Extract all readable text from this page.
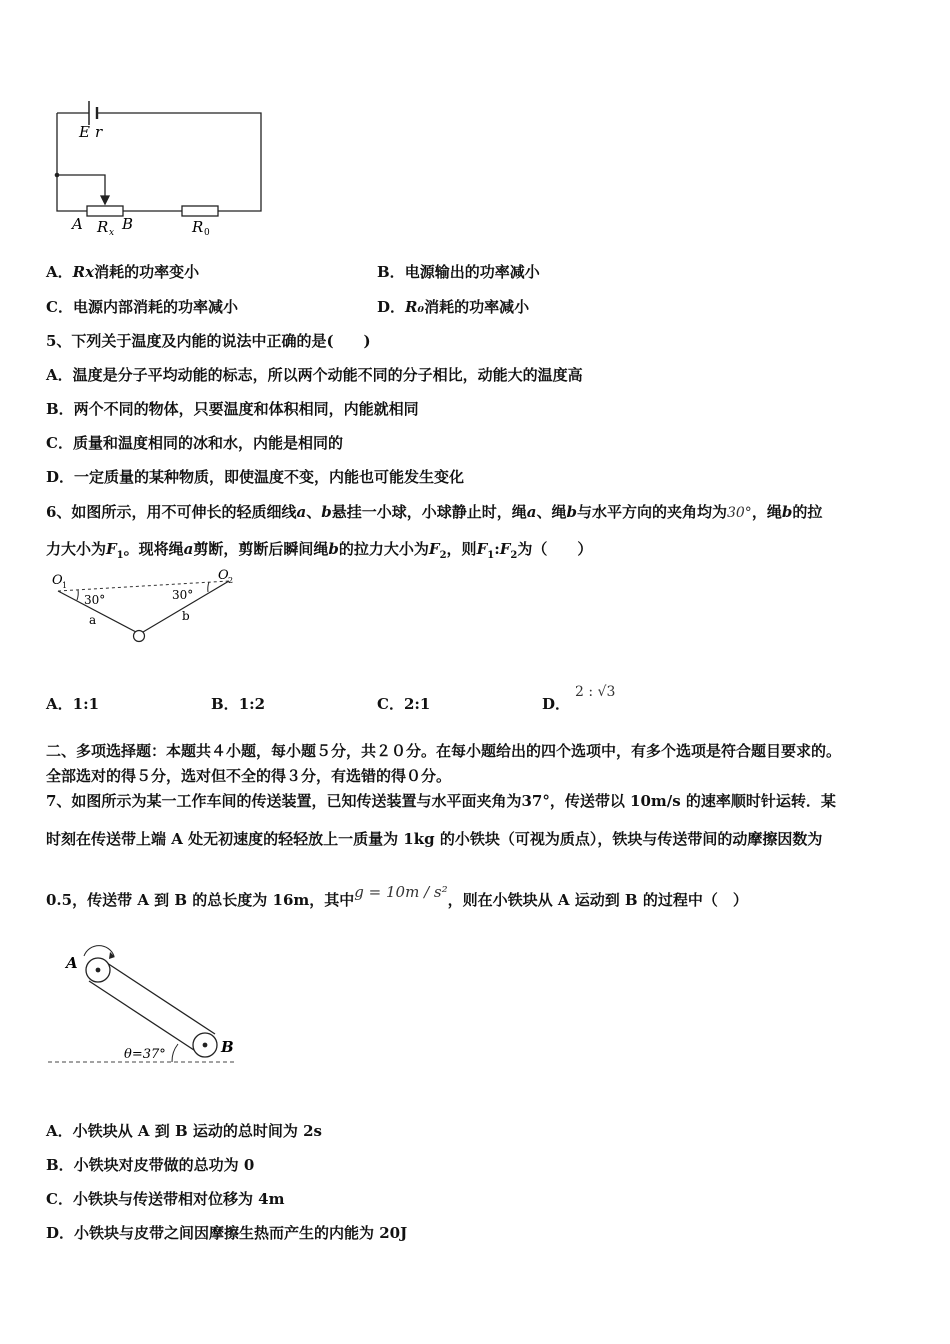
E r
A R x B	R 0
A．Rx消耗的功率变小	B．电源输出的功率减小
C．电源内部消耗的功率减小	D．R₀消耗的功率减小
5、下列关于温度及内能的说法中正确的是(　　)
A．温度是分子平均动能的标志，所以两个动能不同的分子相比，动能大的温度高
B．两个不同的物体，只要温度和体积相同，内能就相同
C．质量和温度相同的冰和水，内能是相同的
D．一定质量的某种物质，即使温度不变，内能也可能发生变化
6、如图所示，用不可伸长的轻质细线a、b悬挂一小球，小球静止时，绳a、绳b与水平方向的夹角均为30°，绳b的拉
力大小为$F_1$。现将绳a剪断，剪断后瞬间绳b的拉力大小为$F_2$，则$F_1:F_2$为（　　）
O 1
O 2
30°	30°
a	b
A．1:1	B．1:2	C．2:1	D．
2 : √3
二、多项选择题：本题共４小题，每小题５分，共２０分。在每小题给出的四个选项中，有多个选项是符合题目要求的。
全部选对的得５分，选对但不全的得３分，有选错的得０分。
7、如图所示为某一工作车间的传送装置，已知传送装置与水平面夹角为37°，传送带以 10m/s 的速率顺时针运转．某
时刻在传送带上端 A 处无初速度的轻轻放上一质量为 1kg 的小铁块（可视为质点），铁块与传送带间的动摩擦因数为
0.5，传送带 A 到 B 的总长度为 16m，其中g = 10m / s²，则在小铁块从 A 运动到 B 的过程中（　）
A
B
θ=37°
A．小铁块从 A 到 B 运动的总时间为 2s
B．小铁块对皮带做的总功为 0
C．小铁块与传送带相对位移为 4m
D．小铁块与皮带之间因摩擦生热而产生的内能为 20J
